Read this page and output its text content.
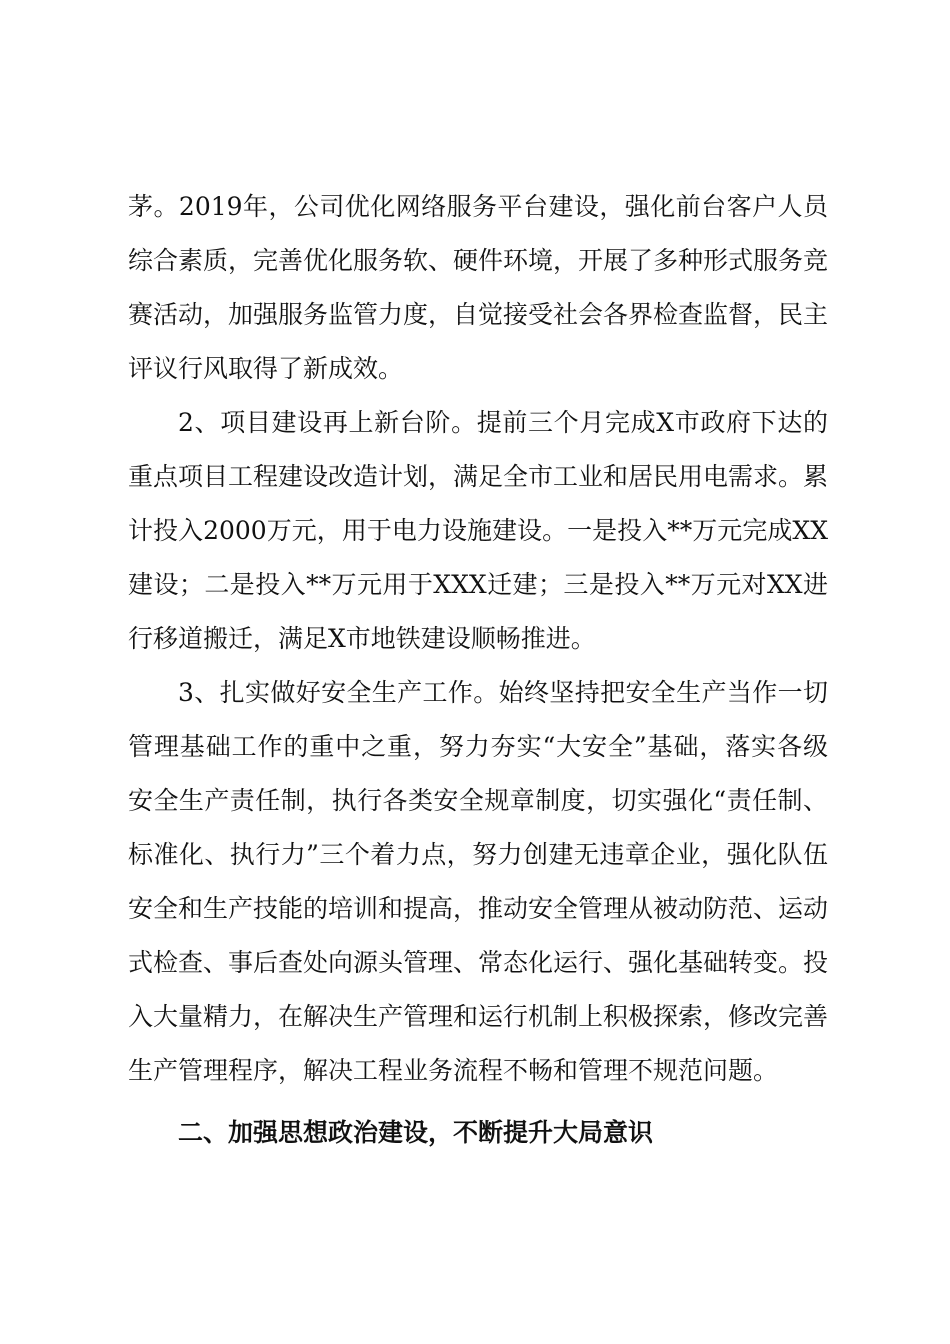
茅。2019年，公司优化网络服务平台建设，强化前台客户人员综合素质，完善优化服务软、硬件环境，开展了多种形式服务竞赛活动，加强服务监管力度，自觉接受社会各界检查监督，民主评议行风取得了新成效。

2、项目建设再上新台阶。提前三个月完成X市政府下达的重点项目工程建设改造计划，满足全市工业和居民用电需求。累计投入2000万元，用于电力设施建设。一是投入**万元完成XX建设；二是投入**万元用于XXX迁建；三是投入**万元对XX进行移道搬迁，满足X市地铁建设顺畅推进。

3、扎实做好安全生产工作。始终坚持把安全生产当作一切管理基础工作的重中之重，努力夯实“大安全”基础，落实各级安全生产责任制，执行各类安全规章制度，切实强化“责任制、标准化、执行力”三个着力点，努力创建无违章企业，强化队伍安全和生产技能的培训和提高，推动安全管理从被动防范、运动式检查、事后查处向源头管理、常态化运行、强化基础转变。投入大量精力，在解决生产管理和运行机制上积极探索，修改完善生产管理程序，解决工程业务流程不畅和管理不规范问题。

二、加强思想政治建设，不断提升大局意识
